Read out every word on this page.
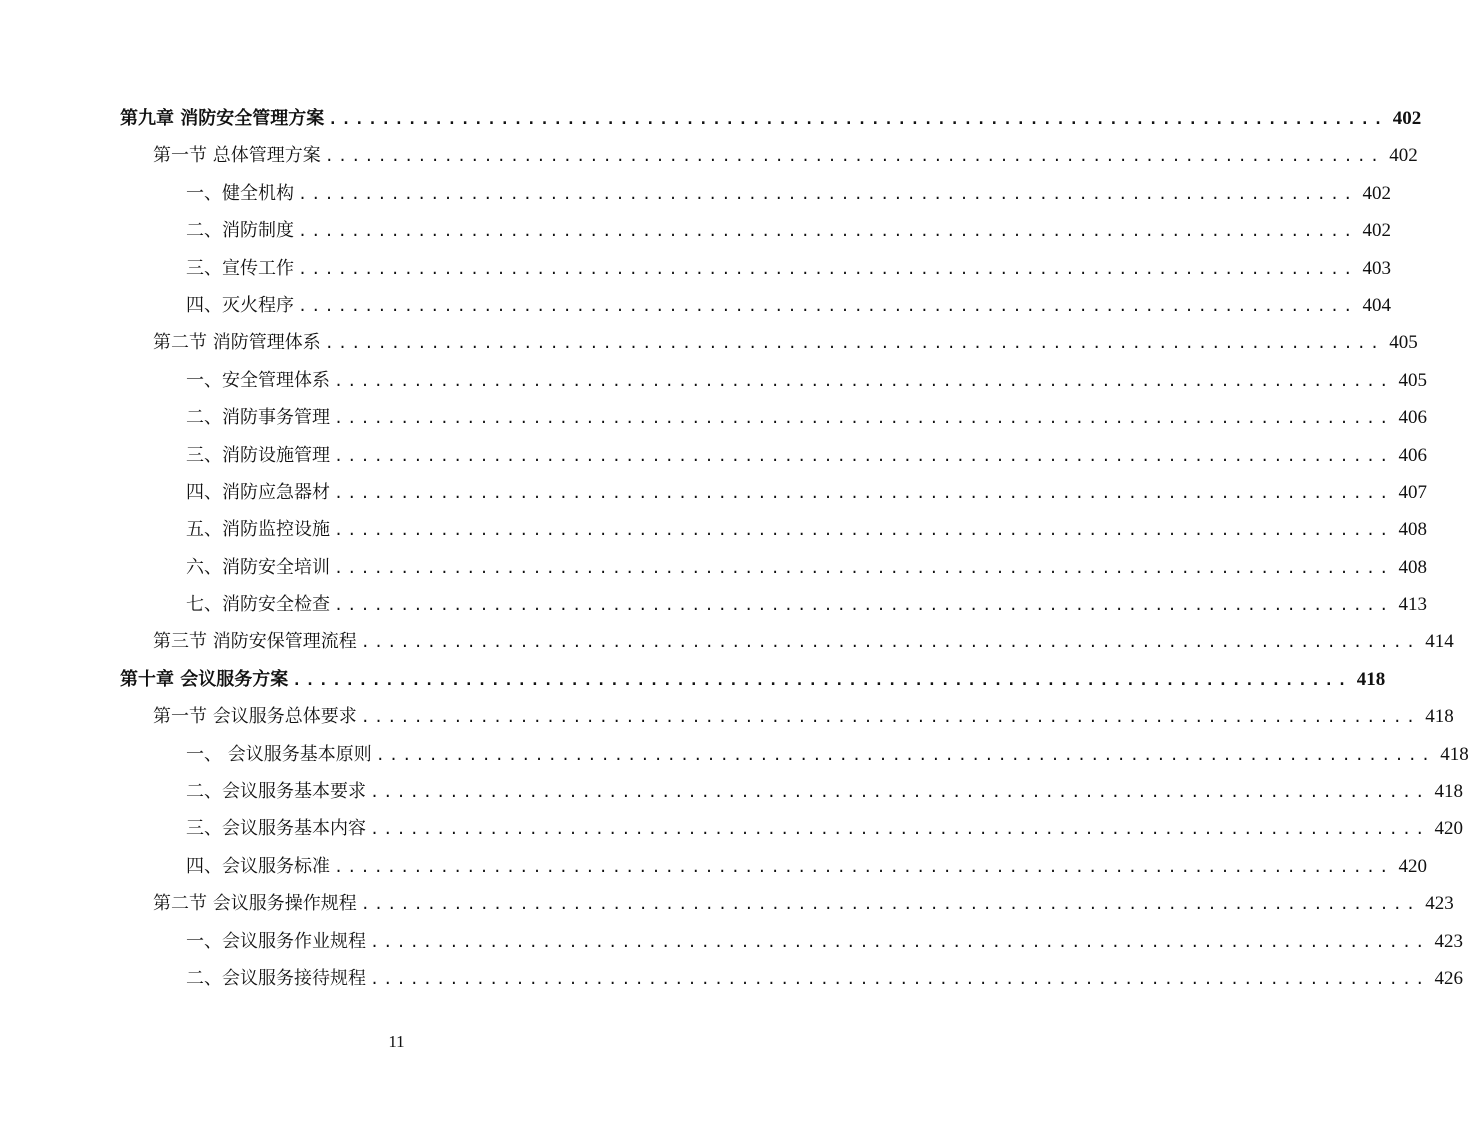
第九章 消防安全管理方案 ................................................................................ 402
第一节 总体管理方案 ................................................................................ 402
一、健全机构 ................................................................................ 402
二、消防制度 ................................................................................ 402
三、宣传工作 ................................................................................ 403
四、灭火程序 ................................................................................ 404
第二节 消防管理体系 ................................................................................ 405
一、安全管理体系 ................................................................................ 405
二、消防事务管理 ................................................................................ 406
三、消防设施管理 ................................................................................ 406
四、消防应急器材 ................................................................................ 407
五、消防监控设施 ................................................................................ 408
六、消防安全培训 ................................................................................ 408
七、消防安全检查 ................................................................................ 413
第三节 消防安保管理流程 ................................................................................ 414
第十章 会议服务方案 ................................................................................ 418
第一节 会议服务总体要求 ................................................................................ 418
一、 会议服务基本原则 ................................................................................ 418
二、会议服务基本要求 ................................................................................ 418
三、会议服务基本内容 ................................................................................ 420
四、会议服务标准 ................................................................................ 420
第二节 会议服务操作规程 ................................................................................ 423
一、会议服务作业规程 ................................................................................ 423
二、会议服务接待规程 ................................................................................ 426
11
